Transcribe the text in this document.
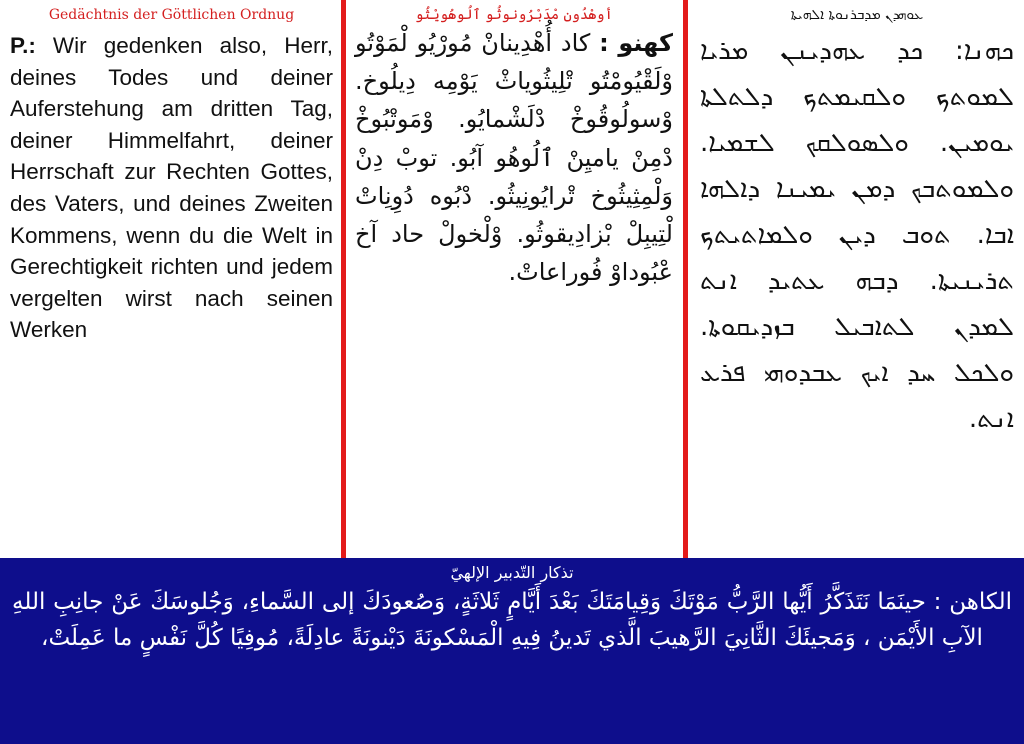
Gedächtnis der Göttlichen Ordnug
P.: Wir gedenken also, Herr, deines Todes und deiner Auferstehung am dritten Tag, deiner Himmelfahrt, deiner Herrschaft zur Rechten Gottes, des Vaters, und deines Zweiten Kommens, wenn du die Welt in Gerechtigkeit richten und jedem vergelten wirst nach seinen Werken
أوهْدُون مْدَبْرُونوثُو ٱلُوهُويْثُو
كهنو : كاد أُهْدِينانْ مُورْيُو لْمَوْتُو وْلَقْيُومْتُو تْلِيثُوياثْ يَوْمِه دِيلُوخ. وْسولُوقُوخْ دْلَشْمايُو. وْمَوتْبُوخْ دْمِنْ ياميِنْ ٱلُوهُو آبُو. توبْ دِنْ وَلْمِثِيثُوخ تْرايُونِيثُو. دْبُوه دُوِنِاتْ لْتِيبِلْ بْزادِيقوثُو. وْلْخولْ حاد آخ عْبُوداوْ فُوراعاتْ.
ܥܘܗܕܢ ܡܕܒܪܢܘܬܐ ܐܠܗܝܬܐ
ܟܗܢܐ: ܟܕ ܥܗܕܝܢܢ ܡܪܝܐ ܠܡܘܬܟ ܘܠܩܝܡܬܟ ܕܠܬܠܬܐ ܝܘܡܝܢ. ܘܠܣܘܠܩܟ ܠܫܡܝܐ. ܘܠܡܘܬܒܟ ܕܡܢ ܝܡܝܢܐ ܕܐܠܗܐ ܐܒܐ. ܬܘܒ ܕܝܢ ܘܠܡܐܬܝܬܟ ܬܪܝܢܝܬܐ. ܕܒܗ ܥܬܝܕ ܐܢܬ ܠܡܕܢ ܠܬܐܒܝܠ ܒܙܕܝܩܘܬܐ. ܘܠܟܠ ܚܕ ܐܝܟ ܥܒܕܘܗܝ ܦܪܥ ܐܢܬ.
تذكار التّدبير الإلهيّ
الكاهن : حينَمَا نَتَذَكَّرُ أَيُّها الرَّبُّ مَوْتَكَ وَقِيامَتَكَ بَعْدَ أَيَّامٍ ثَلاثَةٍ، وَصُعودَكَ إلى السَّماءِ، وَجُلوسَكَ عَنْ جانِبِ اللهِ الآبِ الأَيْمَن ، وَمَجيئَكَ الثَّانِيَ الرَّهيبَ الَّذي تَدينُ فِيهِ الْمَسْكونَةَ دَيْنونَةً عادِلَةً، مُوفِيًا كُلَّ نَفْسٍ ما عَمِلَتْ،
